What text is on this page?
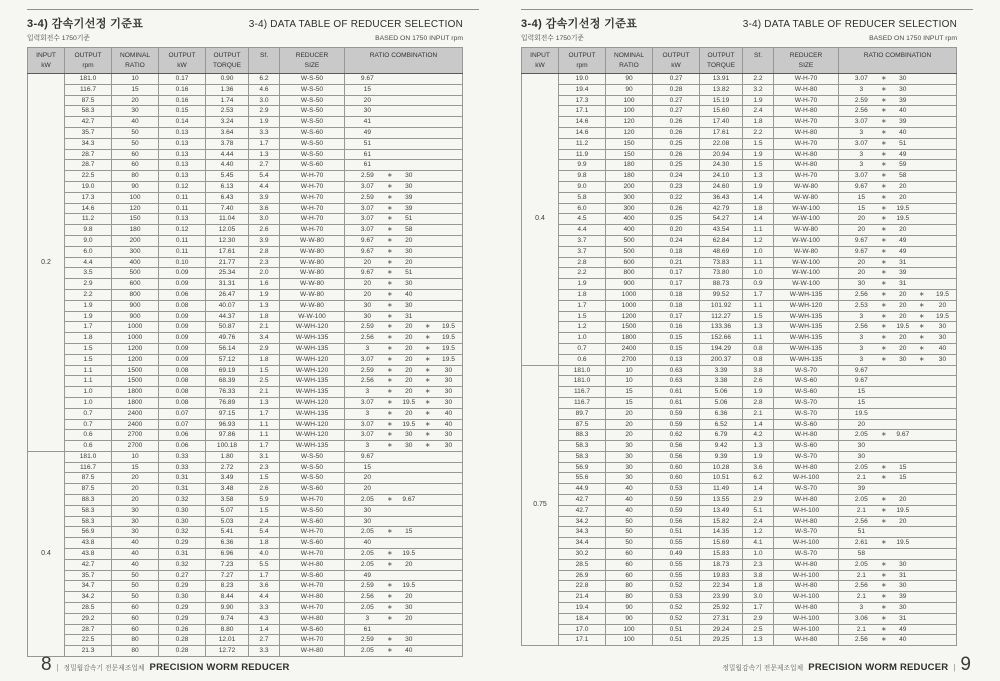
3-4) 감속기선정 기준표	3-4) DATA TABLE OF REDUCER SELECTION
입력회전수 1750기준	BASED ON 1750 INPUT rpm
INPUT
kW

OUTPUT
rpm

NOMINAL
RATIO

OUTPUT
kW

OUTPUT
TORQUE

Sf.	REDUCER
SIZE

RATIO COMBINATION

0.2	181.0	10	0.17	0.90	6.2	W-S-50	9.67

	116.7	15	0.16	1.36	4.6	W-S-50	15

	87.5	20	0.16	1.74	3.0	W-S-50	20

	58.3	30	0.15	2.53	2.9	W-S-50	30

	42.7	40	0.14	3.24	1.9	W-S-50	41

	35.7	50	0.13	3.64	3.3	W-S-60	49

	34.3	50	0.13	3.78	1.7	W-S-50	51

	28.7	60	0.13	4.44	1.3	W-S-50	61

	28.7	60	0.13	4.40	2.7	W-S-60	61

	22.5	80	0.13	5.45	5.4	W-H-70	2.59 ∗ 30

	19.0	90	0.12	6.13	4.4	W-H-70	3.07 ∗ 30

	17.3	100	0.11	6.43	3.9	W-H-70	2.59 ∗ 39

	14.6	120	0.11	7.40	3.6	W-H-70	3.07 ∗ 39

	11.2	150	0.13	11.04	3.0	W-H-70	3.07 ∗ 51

	9.8	180	0.12	12.05	2.6	W-H-70	3.07 ∗ 58

	9.0	200	0.11	12.30	3.9	W-W-80	9.67 ∗ 20

	6.0	300	0.11	17.61	2.8	W-W-80	9.67 ∗ 30

	4.4	400	0.10	21.77	2.3	W-W-80	20 ∗ 20

	3.5	500	0.09	25.34	2.0	W-W-80	9.67 ∗ 51

	2.9	600	0.09	31.31	1.6	W-W-80	20 ∗ 30

	2.2	800	0.06	26.47	1.9	W-W-80	20 ∗ 40

	1.9	900	0.08	40.07	1.3	W-W-80	30 ∗ 30

	1.9	900	0.09	44.37	1.8	W-W-100	30 ∗ 31

	1.7	1000	0.09	50.87	2.1	W-WH-120	2.59 ∗ 20 ∗ 19.5

	1.8	1000	0.09	49.76	3.4	W-WH-135	2.56 ∗ 20 ∗ 19.5

	1.5	1200	0.09	56.14	2.9	W-WH-135	3 ∗ 20 ∗ 19.5

	1.5	1200	0.09	57.12	1.8	W-WH-120	3.07 ∗ 20 ∗ 19.5

	1.1	1500	0.08	69.19	1.5	W-WH-120	2.59 ∗ 20 ∗ 30

	1.1	1500	0.08	68.39	2.5	W-WH-135	2.56 ∗ 20 ∗ 30

	1.0	1800	0.08	76.33	2.1	W-WH-135	3 ∗ 20 ∗ 30

	1.0	1800	0.08	76.89	1.3	W-WH-120	3.07 ∗ 19.5 ∗ 30

	0.7	2400	0.07	97.15	1.7	W-WH-135	3 ∗ 20 ∗ 40

	0.7	2400	0.07	96.93	1.1	W-WH-120	3.07 ∗ 19.5 ∗ 40

	0.6	2700	0.06	97.86	1.1	W-WH-120	3.07 ∗ 30 ∗ 30

	0.6	2700	0.06	100.18	1.7	W-WH-135	3 ∗ 30 ∗ 30

0.4	181.0	10	0.33	1.80	3.1	W-S-50	9.67

	116.7	15	0.33	2.72	2.3	W-S-50	15

	87.5	20	0.31	3.49	1.5	W-S-50	20

	87.5	20	0.31	3.48	2.6	W-S-60	20

	88.3	20	0.32	3.58	5.9	W-H-70	2.05 ∗ 9.67

	58.3	30	0.30	5.07	1.5	W-S-50	30

	58.3	30	0.30	5.03	2.4	W-S-60	30

	56.9	30	0.32	5.41	5.4	W-H-70	2.05 ∗ 15

	43.8	40	0.29	6.36	1.8	W-S-60	40

	43.8	40	0.31	6.96	4.0	W-H-70	2.05 ∗ 19.5

	42.7	40	0.32	7.23	5.5	W-H-80	2.05 ∗ 20

	35.7	50	0.27	7.27	1.7	W-S-60	49

	34.7	50	0.29	8.23	3.6	W-H-70	2.59 ∗ 19.5

	34.2	50	0.30	8.44	4.4	W-H-80	2.56 ∗ 20

	28.5	60	0.29	9.90	3.3	W-H-70	2.05 ∗ 30

	29.2	60	0.29	9.74	4.3	W-H-80	3 ∗ 20

	28.7	60	0.26	8.80	1.4	W-S-60	61

	22.5	80	0.28	12.01	2.7	W-H-70	2.59 ∗ 30

	21.3	80	0.28	12.72	3.3	W-H-80	2.05 ∗ 40
8 | 정밀웜감속기 전문제조업체 PRECISION WORM REDUCER
3-4) 감속기선정 기준표	3-4) DATA TABLE OF REDUCER SELECTION
입력회전수 1750기준	BASED ON 1750 INPUT rpm
INPUT
kW

OUTPUT
rpm

NOMINAL
RATIO

OUTPUT
kW

OUTPUT
TORQUE

Sf.	REDUCER
SIZE

RATIO COMBINATION

0.4	19.0	90	0.27	13.91	2.2	W-H-70	3.07 ∗ 30

	19.4	90	0.28	13.82	3.2	W-H-80	3 ∗ 30

	17.3	100	0.27	15.19	1.9	W-H-70	2.59 ∗ 39

	17.1	100	0.27	15.60	2.4	W-H-80	2.56 ∗ 40

	14.6	120	0.26	17.40	1.8	W-H-70	3.07 ∗ 39

	14.6	120	0.26	17.61	2.2	W-H-80	3 ∗ 40

	11.2	150	0.25	22.08	1.5	W-H-70	3.07 ∗ 51

	11.9	150	0.26	20.94	1.9	W-H-80	3 ∗ 49

	9.9	180	0.25	24.30	1.5	W-H-80	3 ∗ 59

	9.8	180	0.24	24.10	1.3	W-H-70	3.07 ∗ 58

	9.0	200	0.23	24.60	1.9	W-W-80	9.67 ∗ 20

	5.8	300	0.22	36.43	1.4	W-W-80	15 ∗ 20

	6.0	300	0.26	42.79	1.8	W-W-100	15 ∗ 19.5

	4.5	400	0.25	54.27	1.4	W-W-100	20 ∗ 19.5

	4.4	400	0.20	43.54	1.1	W-W-80	20 ∗ 20

	3.7	500	0.24	62.84	1.2	W-W-100	9.67 ∗ 49

	3.7	500	0.18	48.69	1.0	W-W-80	9.67 ∗ 49

	2.8	600	0.21	73.83	1.1	W-W-100	20 ∗ 31

	2.2	800	0.17	73.80	1.0	W-W-100	20 ∗ 39

	1.9	900	0.17	88.73	0.9	W-W-100	30 ∗ 31

	1.8	1000	0.18	99.52	1.7	W-WH-135	2.56 ∗ 20 ∗ 19.5

	1.7	1000	0.18	101.92	1.1	W-WH-120	2.53 ∗ 20 ∗ 20

	1.5	1200	0.17	112.27	1.5	W-WH-135	3 ∗ 20 ∗ 19.5

	1.2	1500	0.16	133.36	1.3	W-WH-135	2.56 ∗ 19.5 ∗ 30

	1.0	1800	0.15	152.66	1.1	W-WH-135	3 ∗ 20 ∗ 30

	0.7	2400	0.15	194.29	0.8	W-WH-135	3 ∗ 20 ∗ 40

	0.6	2700	0.13	200.37	0.8	W-WH-135	3 ∗ 30 ∗ 30

0.75	181.0	10	0.63	3.39	3.8	W-S-70	9.67

	181.0	10	0.63	3.38	2.6	W-S-60	9.67

	116.7	15	0.61	5.06	1.9	W-S-60	15

	116.7	15	0.61	5.06	2.8	W-S-70	15

	89.7	20	0.59	6.36	2.1	W-S-70	19.5

	87.5	20	0.59	6.52	1.4	W-S-60	20

	88.3	20	0.62	6.79	4.2	W-H-80	2.05 ∗ 9.67

	58.3	30	0.56	9.42	1.3	W-S-60	30

	58.3	30	0.56	9.39	1.9	W-S-70	30

	56.9	30	0.60	10.28	3.6	W-H-80	2.05 ∗ 15

	55.6	30	0.60	10.51	6.2	W-H-100	2.1 ∗ 15

	44.9	40	0.53	11.49	1.4	W-S-70	39

	42.7	40	0.59	13.55	2.9	W-H-80	2.05 ∗ 20

	42.7	40	0.59	13.49	5.1	W-H-100	2.1 ∗ 19.5

	34.2	50	0.56	15.82	2.4	W-H-80	2.56 ∗ 20

	34.3	50	0.51	14.35	1.2	W-S-70	51

	34.4	50	0.55	15.69	4.1	W-H-100	2.61 ∗ 19.5

	30.2	60	0.49	15.83	1.0	W-S-70	58

	28.5	60	0.55	18.73	2.3	W-H-80	2.05 ∗ 30

	26.9	60	0.55	19.83	3.8	W-H-100	2.1 ∗ 31

	22.8	80	0.52	22.34	1.8	W-H-80	2.56 ∗ 30

	21.4	80	0.53	23.99	3.0	W-H-100	2.1 ∗ 39

	19.4	90	0.52	25.92	1.7	W-H-80	3 ∗ 30

	18.4	90	0.52	27.31	2.9	W-H-100	3.06 ∗ 31

	17.0	100	0.51	29.24	2.5	W-H-100	2.1 ∗ 49

	17.1	100	0.51	29.25	1.3	W-H-80	2.56 ∗ 40
정밀웜감속기 전문제조업체 PRECISION WORM REDUCER | 9
